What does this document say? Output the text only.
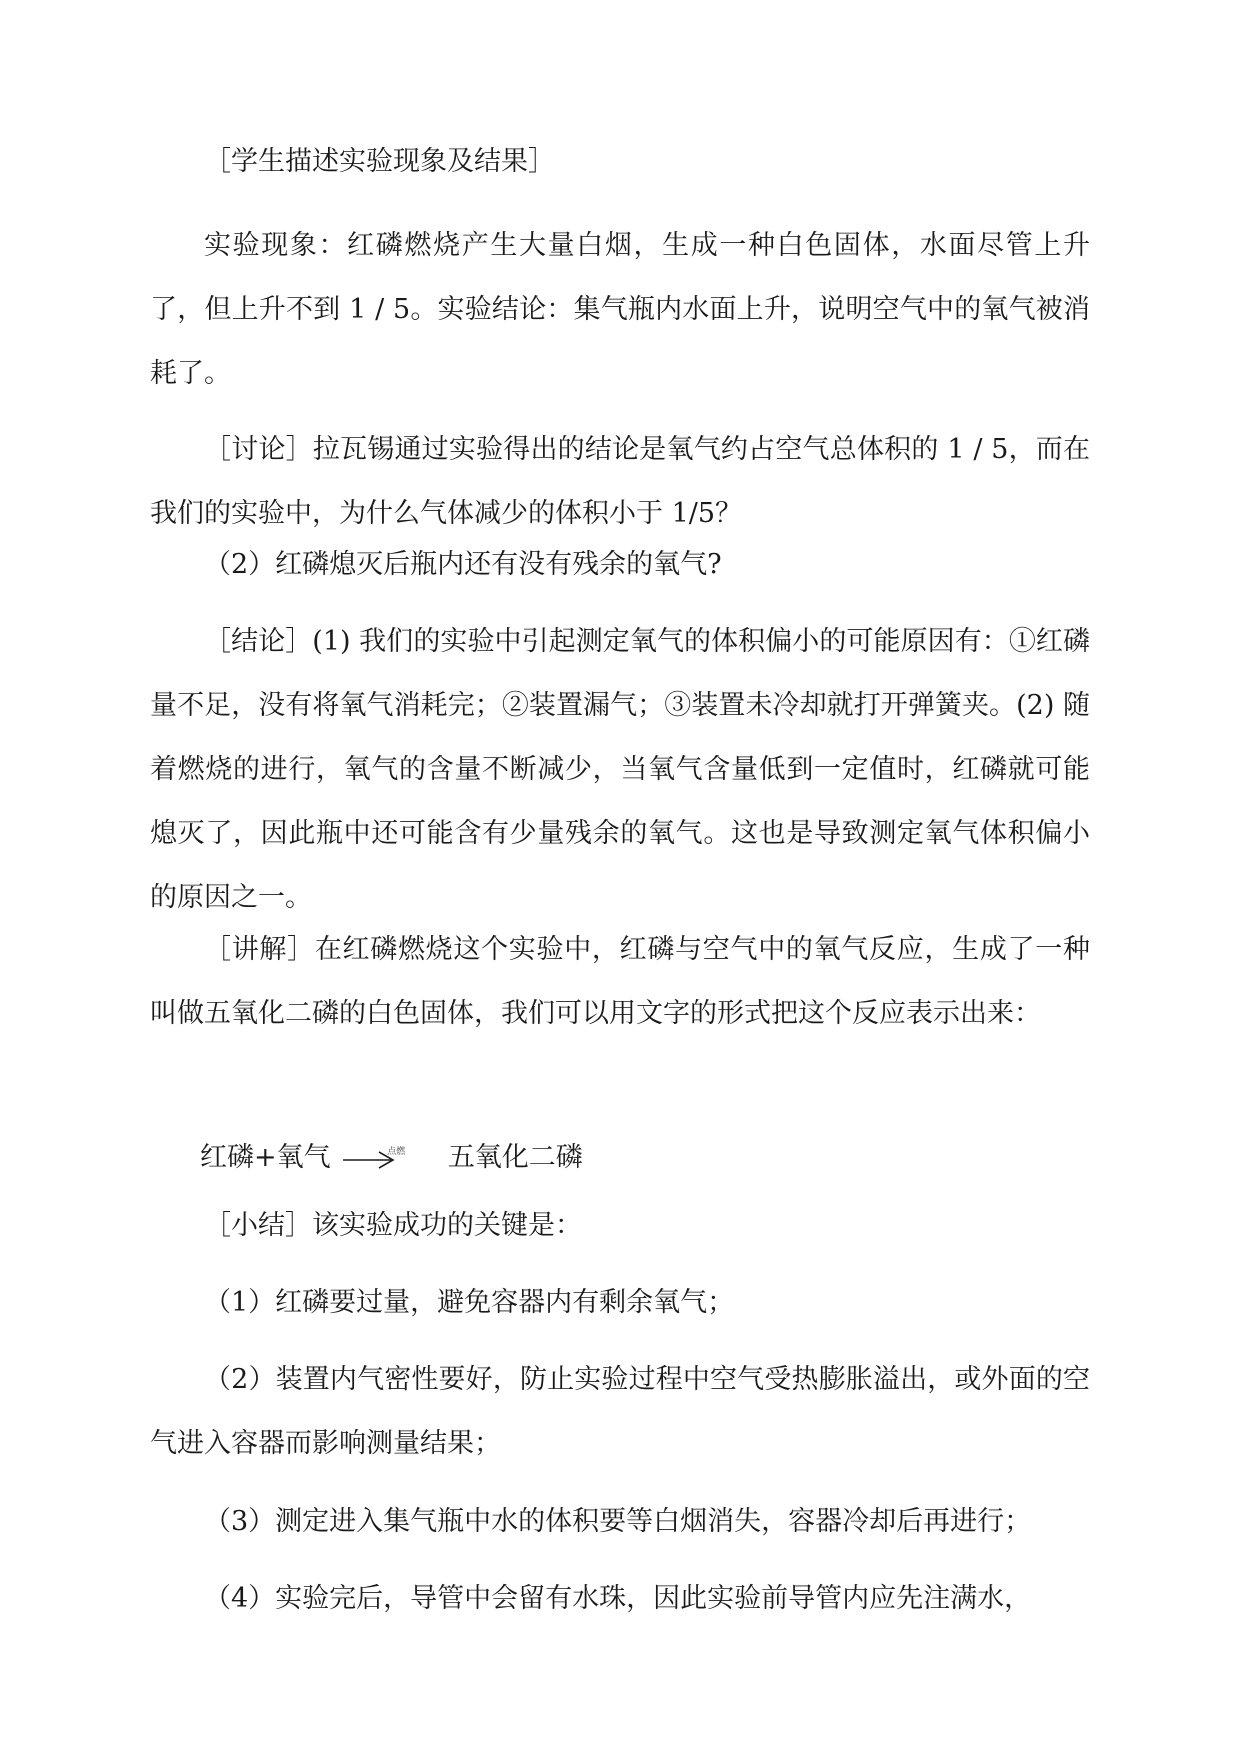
［学生描述实验现象及结果］
实验现象：红磷燃烧产生大量白烟，生成一种白色固体，水面尽管上升了，但上升不到 1 / 5。实验结论：集气瓶内水面上升，说明空气中的氧气被消耗了。
［讨论］拉瓦锡通过实验得出的结论是氧气约占空气总体积的 1 / 5，而在我们的实验中，为什么气体减少的体积小于 1/5？
（2）红磷熄灭后瓶内还有没有残余的氧气?
［结论］(1) 我们的实验中引起测定氧气的体积偏小的可能原因有：①红磷量不足，没有将氧气消耗完；②装置漏气；③装置未冷却就打开弹簧夹。(2) 随着燃烧的进行，氧气的含量不断减少，当氧气含量低到一定值时，红磷就可能熄灭了，因此瓶中还可能含有少量残余的氧气。这也是导致测定氧气体积偏小的原因之一。
［讲解］在红磷燃烧这个实验中，红磷与空气中的氧气反应，生成了一种叫做五氧化二磷的白色固体，我们可以用文字的形式把这个反应表示出来：
红磷+氧气	点燃 五氧化二磷
［小结］该实验成功的关键是：
（1）红磷要过量，避免容器内有剩余氧气；
（2）装置内气密性要好，防止实验过程中空气受热膨胀溢出，或外面的空气进入容器而影响测量结果；
（3）测定进入集气瓶中水的体积要等白烟消失，容器冷却后再进行；
（4）实验完后，导管中会留有水珠，因此实验前导管内应先注满水，
